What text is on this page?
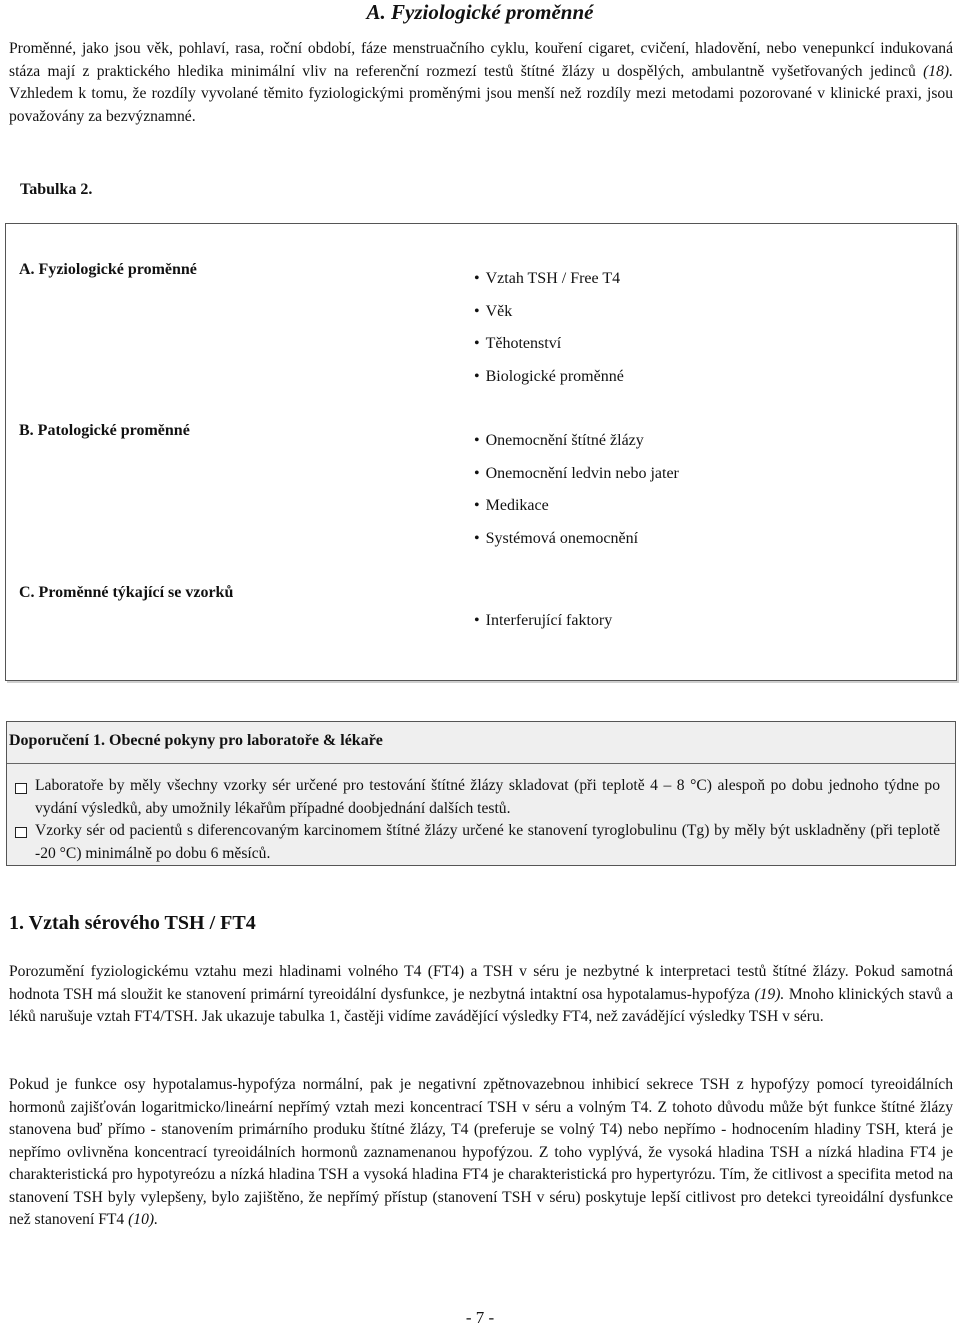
A. Fyziologické proměnné

Proměnné, jako jsou věk, pohlaví, rasa, roční období, fáze menstruačního cyklu, kouření cigaret, cvičení, hladovění, nebo venepunkcí indukovaná stáza mají z praktického hledika minimální vliv na referenční rozmezí testů štítné žlázy u dospělých, ambulantně vyšetřovaných jedinců (18). Vzhledem k tomu, že rozdíly vyvolané těmito fyziologickými proměnými jsou menší než rozdíly mezi metodami pozorované v klinické praxi, jsou považovány za bezvýznamné.

Tabulka 2.
A. Fyziologické proměnné
• Vztah TSH / Free T4
• Věk
• Těhotenství
• Biologické proměnné
B. Patologické proměnné
• Onemocnění štítné žlázy
• Onemocnění ledvin nebo jater
• Medikace
• Systémová onemocnění
C. Proměnné týkající se vzorků
• Interferující faktory
Doporučení 1. Obecné pokyny pro laboratoře & lékaře
Laboratoře by měly všechny vzorky sér určené pro testování štítné žlázy skladovat (při teplotě 4 – 8 °C) alespoň po dobu jednoho týdne po vydání výsledků, aby umožnily lékařům případné doobjednání dalších testů.
Vzorky sér od pacientů s diferencovaným karcinomem štítné žlázy určené ke stanovení tyroglobulinu (Tg) by měly být uskladněny (při teplotě -20 °C) minimálně po dobu 6 měsíců.
1. Vztah sérového TSH / FT4

Porozumění fyziologickému vztahu mezi hladinami volného T4 (FT4) a TSH v séru je nezbytné k interpretaci testů štítné žlázy. Pokud samotná hodnota TSH má sloužit ke stanovení primární tyreoidální dysfunkce, je nezbytná intaktní osa hypotalamus-hypofýza (19). Mnoho klinických stavů a léků narušuje vztah FT4/TSH. Jak ukazuje tabulka 1, častěji vidíme zavádějící výsledky FT4, než zavádějící výsledky TSH v séru.

Pokud je funkce osy hypotalamus-hypofýza normální, pak je negativní zpětnovazebnou inhibicí sekrece TSH z hypofýzy pomocí tyreoidálních hormonů zajišťován logaritmicko/lineární nepřímý vztah mezi koncentrací TSH v séru a volným T4. Z tohoto důvodu může být funkce štítné žlázy stanovena buď přímo - stanovením primárního produku štítné žlázy, T4 (preferuje se volný T4) nebo nepřímo - hodnocením hladiny TSH, která je nepřímo ovlivněna koncentrací tyreoidálních hormonů zaznamenanou hypofýzou. Z toho vyplývá, že vysoká hladina TSH a nízká hladina FT4 je charakteristická pro hypotyreózu a nízká hladina TSH a vysoká hladina FT4 je charakteristická pro hypertyrózu. Tím, že citlivost a specifita metod na stanovení TSH byly vylepšeny, bylo zajištěno, že nepřímý přístup (stanovení TSH v séru) poskytuje lepší citlivost pro detekci tyreoidální dysfunkce než stanovení FT4 (10).

- 7 -
